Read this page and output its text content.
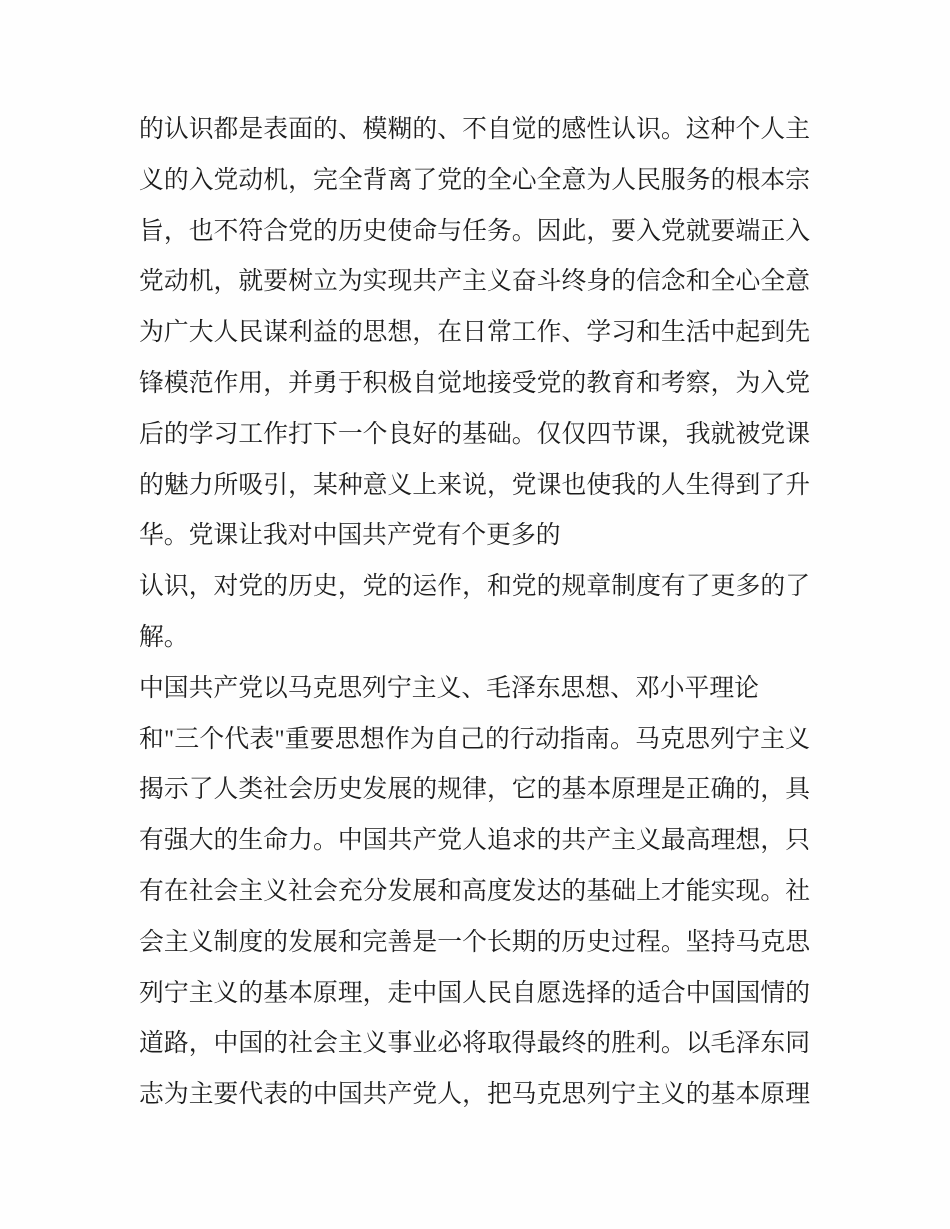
的认识都是表面的、模糊的、不自觉的感性认识。这种个人主
义的入党动机，完全背离了党的全心全意为人民服务的根本宗
旨，也不符合党的历史使命与任务。因此，要入党就要端正入
党动机，就要树立为实现共产主义奋斗终身的信念和全心全意
为广大人民谋利益的思想，在日常工作、学习和生活中起到先
锋模范作用，并勇于积极自觉地接受党的教育和考察，为入党
后的学习工作打下一个良好的基础。仅仅四节课，我就被党课
的魅力所吸引，某种意义上来说，党课也使我的人生得到了升
华。党课让我对中国共产党有个更多的
认识，对党的历史，党的运作，和党的规章制度有了更多的了
解。
中国共产党以马克思列宁主义、毛泽东思想、邓小平理论
和"三个代表"重要思想作为自己的行动指南。马克思列宁主义
揭示了人类社会历史发展的规律，它的基本原理是正确的，具
有强大的生命力。中国共产党人追求的共产主义最高理想，只
有在社会主义社会充分发展和高度发达的基础上才能实现。社
会主义制度的发展和完善是一个长期的历史过程。坚持马克思
列宁主义的基本原理，走中国人民自愿选择的适合中国国情的
道路，中国的社会主义事业必将取得最终的胜利。以毛泽东同
志为主要代表的中国共产党人，把马克思列宁主义的基本原理
